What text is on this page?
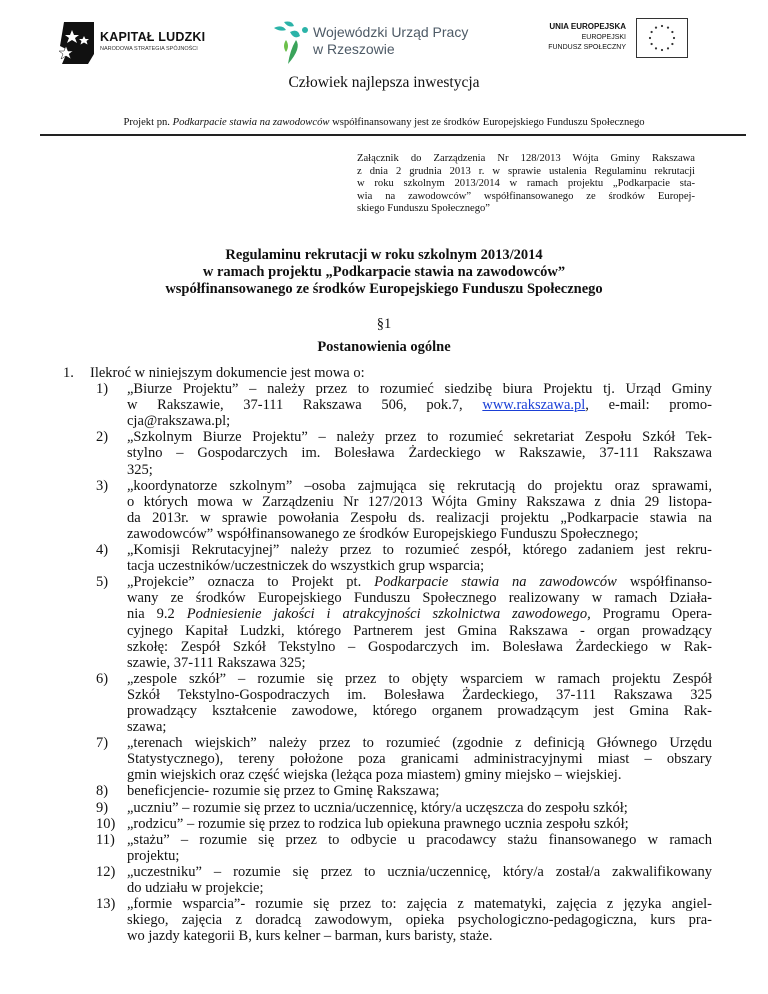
KAPITAŁ LUDZKI
NARODOWA STRATEGIA SPÓJNOŚCI
Wojewódzki Urząd Pracy
w Rzeszowie
UNIA EUROPEJSKA
EUROPEJSKI
FUNDUSZ SPOŁECZNY
Człowiek najlepsza inwestycja
Projekt pn. Podkarpacie stawia na zawodowców współfinansowany jest ze środków Europejskiego Funduszu Społecznego
Załącznik do Zarządzenia Nr 128/2013 Wójta Gminy Rakszawa
z dnia 2 grudnia 2013 r. w sprawie ustalenia Regulaminu rekrutacji
w roku szkolnym 2013/2014 w ramach projektu „Podkarpacie sta-
wia na zawodowców” współfinansowanego ze środków Europej-
skiego Funduszu Społecznego”
Regulaminu rekrutacji w roku szkolnym 2013/2014
w ramach projektu „Podkarpacie stawia na zawodowców”
współfinansowanego ze środków Europejskiego Funduszu Społecznego
§1
Postanowienia ogólne
1. Ilekroć w niniejszym dokumencie jest mowa o:
1) „Biurze Projektu” – należy przez to rozumieć siedzibę biura Projektu tj. Urząd Gminy
w Rakszawie, 37-111 Rakszawa 506, pok.7, www.rakszawa.pl, e-mail: promo-
cja@rakszawa.pl;
2) „Szkolnym Biurze Projektu” – należy przez to rozumieć sekretariat Zespołu Szkół Tek-
stylno – Gospodarczych im. Bolesława Żardeckiego w Rakszawie, 37-111 Rakszawa
325;
3) „koordynatorze szkolnym” –osoba zajmująca się rekrutacją do projektu oraz sprawami,
o których mowa w Zarządzeniu Nr 127/2013 Wójta Gminy Rakszawa z dnia 29 listopa-
da 2013r. w sprawie powołania Zespołu ds. realizacji projektu „Podkarpacie stawia na
zawodowców” współfinansowanego ze środków Europejskiego Funduszu Społecznego;
4) „Komisji Rekrutacyjnej” należy przez to rozumieć zespół, którego zadaniem jest rekru-
tacja uczestników/uczestniczek do wszystkich grup wsparcia;
5) „Projekcie” oznacza to Projekt pt. Podkarpacie stawia na zawodowców współfinanso-
wany ze środków Europejskiego Funduszu Społecznego realizowany w ramach Działa-
nia 9.2 Podniesienie jakości i atrakcyjności szkolnictwa zawodowego, Programu Opera-
cyjnego Kapitał Ludzki, którego Partnerem jest Gmina Rakszawa - organ prowadzący
szkołę: Zespół Szkół Tekstylno – Gospodarczych im. Bolesława Żardeckiego w Rak-
szawie, 37-111 Rakszawa 325;
6) „zespole szkół” – rozumie się przez to objęty wsparciem w ramach projektu Zespół
Szkół Tekstylno-Gospodraczych im. Bolesława Żardeckiego, 37-111 Rakszawa 325
prowadzący kształcenie zawodowe, którego organem prowadzącym jest Gmina Rak-
szawa;
7) „terenach wiejskich” należy przez to rozumieć (zgodnie z definicją Głównego Urzędu
Statystycznego), tereny położone poza granicami administracyjnymi miast – obszary
gmin wiejskich oraz część wiejska (leżąca poza miastem) gminy miejsko – wiejskiej.
8) beneficjencie- rozumie się przez to Gminę Rakszawa;
9) „uczniu” – rozumie się przez to ucznia/uczennicę, który/a uczęszcza do zespołu szkół;
10) „rodzicu” – rozumie się przez to rodzica lub opiekuna prawnego ucznia zespołu szkół;
11) „stażu” – rozumie się przez to odbycie u pracodawcy stażu finansowanego w ramach
projektu;
12) „uczestniku” – rozumie się przez to ucznia/uczennicę, który/a został/a zakwalifikowany
do udziału w projekcie;
13) „formie wsparcia”- rozumie się przez to: zajęcia z matematyki, zajęcia z języka angiel-
skiego, zajęcia z doradcą zawodowym, opieka psychologiczno-pedagogiczna, kurs pra-
wo jazdy kategorii B, kurs kelner – barman, kurs baristy, staże.
